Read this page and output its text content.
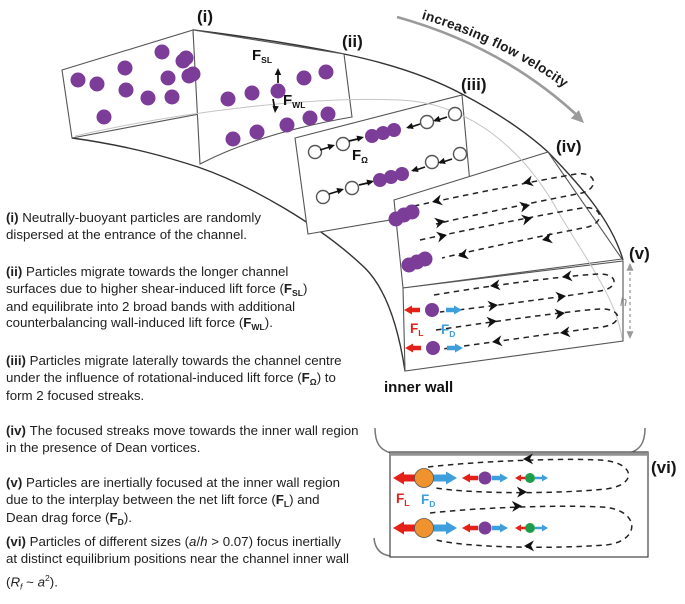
increasing flow velocity
(i)
(ii)
(iii)
(iv)
(v)
(vi)
$F_{SL}$
$F_{WL}$
$F_\Omega$
$F_L$ $F_D$
h
inner wall
$F_L$ $F_D$
(i) Neutrally-buoyant particles are randomly
dispersed at the entrance of the channel.
(ii) Particles migrate towards the longer channel
surfaces due to higher shear-induced lift force $(F_{SL})$
and equilibrate into 2 broad bands with additional
counterbalancing wall-induced lift force $(F_{WL})$.
(iii) Particles migrate laterally towards the channel centre
under the influence of rotational-induced lift force $(F_\Omega)$ to
form 2 focused streaks.
(iv) The focused streaks move towards the inner wall region
in the presence of Dean vortices.
(v) Particles are inertially focused at the inner wall region
due to the interplay between the net lift force $(F_L)$ and
Dean drag force $(F_D)$.
(vi) Particles of different sizes (a/h > 0.07) focus inertially
at distinct equilibrium positions near the channel inner wall
($R_f$ ~ $a^2$).
